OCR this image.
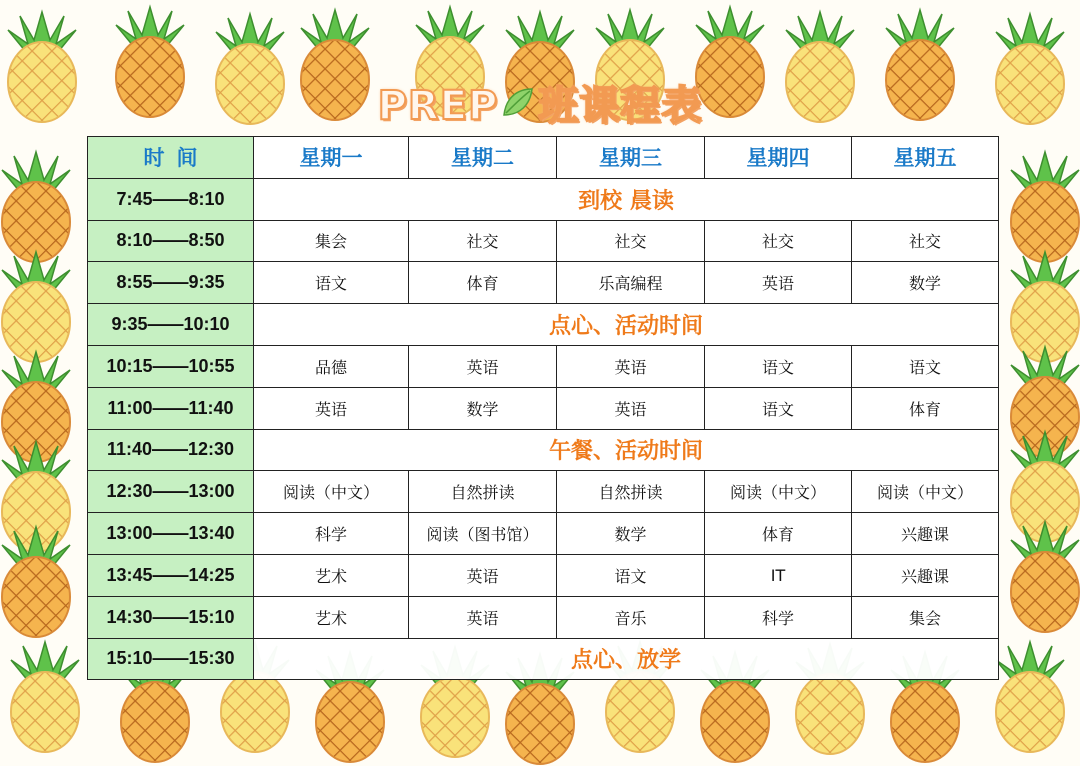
PREP 班课程表
时间	星期一	星期二	星期三	星期四	星期五
7:45——8:10	到校 晨读				
8:10——8:50	集会	社交	社交	社交	社交
8:55——9:35	语文	体育	乐高编程	英语	数学
9:35——10:10	点心、活动时间				
10:15——10:55	品德	英语	英语	语文	语文
11:00——11:40	英语	数学	英语	语文	体育
11:40——12:30	午餐、活动时间				
12:30——13:00	阅读（中文）	自然拼读	自然拼读	阅读（中文）	阅读（中文）
13:00——13:40	科学	阅读（图书馆）	数学	体育	兴趣课
13:45——14:25	艺术	英语	语文	IT	兴趣课
14:30——15:10	艺术	英语	音乐	科学	集会
15:10——15:30	点心、放学				
